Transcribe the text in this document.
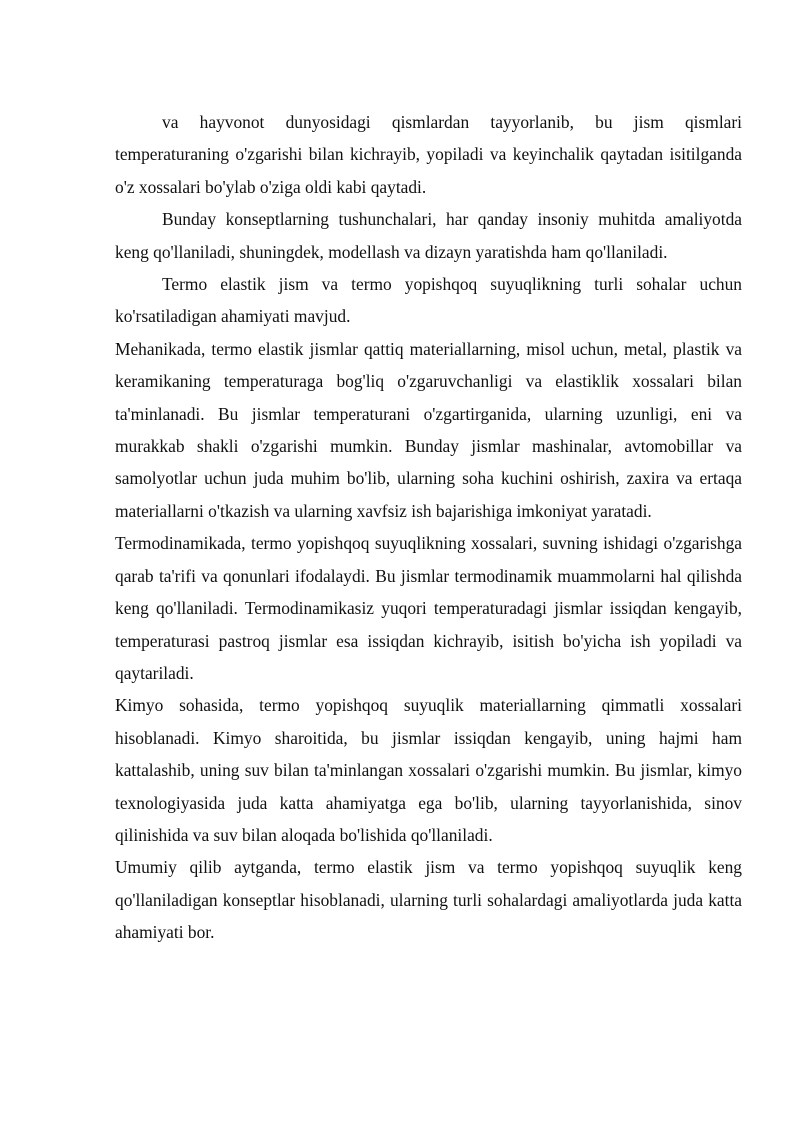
va hayvonot dunyosidagi qismlardan tayyorlanib, bu jism qismlari temperaturaning o'zgarishi bilan kichrayib, yopiladi va keyinchalik qaytadan isitilganda o'z xossalari bo'ylab o'ziga oldi kabi qaytadi.

Bunday konseptlarning tushunchalari, har qanday insoniy muhitda amaliyotda keng qo'llaniladi, shuningdek, modellash va dizayn yaratishda ham qo'llaniladi.

Termo elastik jism va termo yopishqoq suyuqlikning turli sohalar uchun ko'rsatiladigan ahamiyati mavjud.

Mehanikada, termo elastik jismlar qattiq materiallarning, misol uchun, metal, plastik va keramikaning temperaturaga bog'liq o'zgaruvchanligi va elastiklik xossalari bilan ta'minlanadi. Bu jismlar temperaturani o'zgartirganida, ularning uzunligi, eni va murakkab shakli o'zgarishi mumkin. Bunday jismlar mashinalar, avtomobillar va samolyotlar uchun juda muhim bo'lib, ularning soha kuchini oshirish, zaxira va ertaqa materiallarni o'tkazish va ularning xavfsiz ish bajarishiga imkoniyat yaratadi.

Termodinamikada, termo yopishqoq suyuqlikning xossalari, suvning ishidagi o'zgarishga qarab ta'rifi va qonunlari ifodalaydi. Bu jismlar termodinamik muammolarni hal qilishda keng qo'llaniladi. Termodinamikasiz yuqori temperaturadagi jismlar issiqdan kengayib, temperaturasi pastroq jismlar esa issiqdan kichrayib, isitish bo'yicha ish yopiladi va qaytariladi.

Kimyo sohasida, termo yopishqoq suyuqlik materiallarning qimmatli xossalari hisoblanadi. Kimyo sharoitida, bu jismlar issiqdan kengayib, uning hajmi ham kattalashib, uning suv bilan ta'minlangan xossalari o'zgarishi mumkin. Bu jismlar, kimyo texnologiyasida juda katta ahamiyatga ega bo'lib, ularning tayyorlanishida, sinov qilinishida va suv bilan aloqada bo'lishida qo'llaniladi.

Umumiy qilib aytganda, termo elastik jism va termo yopishqoq suyuqlik keng qo'llaniladigan konseptlar hisoblanadi, ularning turli sohalardagi amaliyotlarda juda katta ahamiyati bor.
